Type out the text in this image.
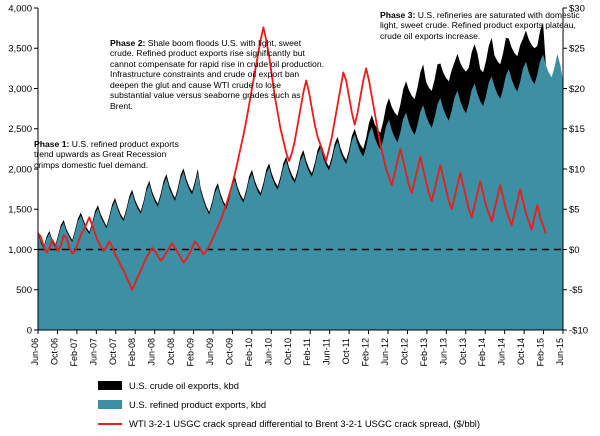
0
500
1,000
1,500
2,000
2,500
3,000
3,500
4,000
-$10
-$5
$0
$5
$10
$15
$20
$25
$30
Jun-06 Oct-06 Feb-07 Jun-07 Oct-07 Feb-08 Jun-08 Oct-08 Feb-09 Jun-09 Oct-09 Feb-10 Jun-10 Oct-10 Feb-11 Jun-11 Oct-11 Feb-12 Jun-12 Oct-12 Feb-13 Jun-13 Oct-13 Feb-14 Jun-14 Oct-14 Feb-15 Jun-15
Phase 1: U.S. refined product exports trend upwards as Great Recession crimps domestic fuel demand.
Phase 2: Shale boom floods U.S. with light, sweet crude. Refined product exports rise significantly but cannot compensate for rapid rise in crude oil production. Infrastructure constraints and crude oil export ban deepen the glut and cause WTI crude to lose substantial value versus seaborne grades such as Brent.
Phase 3: U.S. refineries are saturated with domestic light, sweet crude. Refined product exports plateau, crude oil exports increase.
U.S. crude oil exports, kbd
U.S. refined product exports, kbd
WTI 3-2-1 USGC crack spread differential to Brent 3-2-1 USGC crack spread, ($/bbl)
